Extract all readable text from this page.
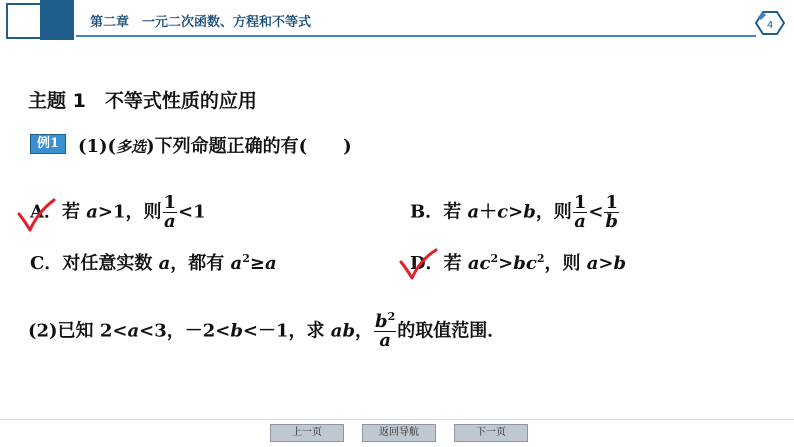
第二章　一元二次函数、方程和不等式	4
主题 1　不等式性质的应用
例1	(1)(多选)下列命题正确的有(　　)
A．若 a>1，则 $\frac{1}{a} <1$	B．若 a＋c>b，则 $\frac{1}{a} < \frac{1}{b}$
C．对任意实数 a，都有 $a^2\ge a$	D．若 $ac^2>bc^2$，则 a>b
(2)已知 2<a<3，－2<b<－1，求 ab， $\frac{b^2}{a}$ 的取值范围．
上一页	返回导航	下一页
